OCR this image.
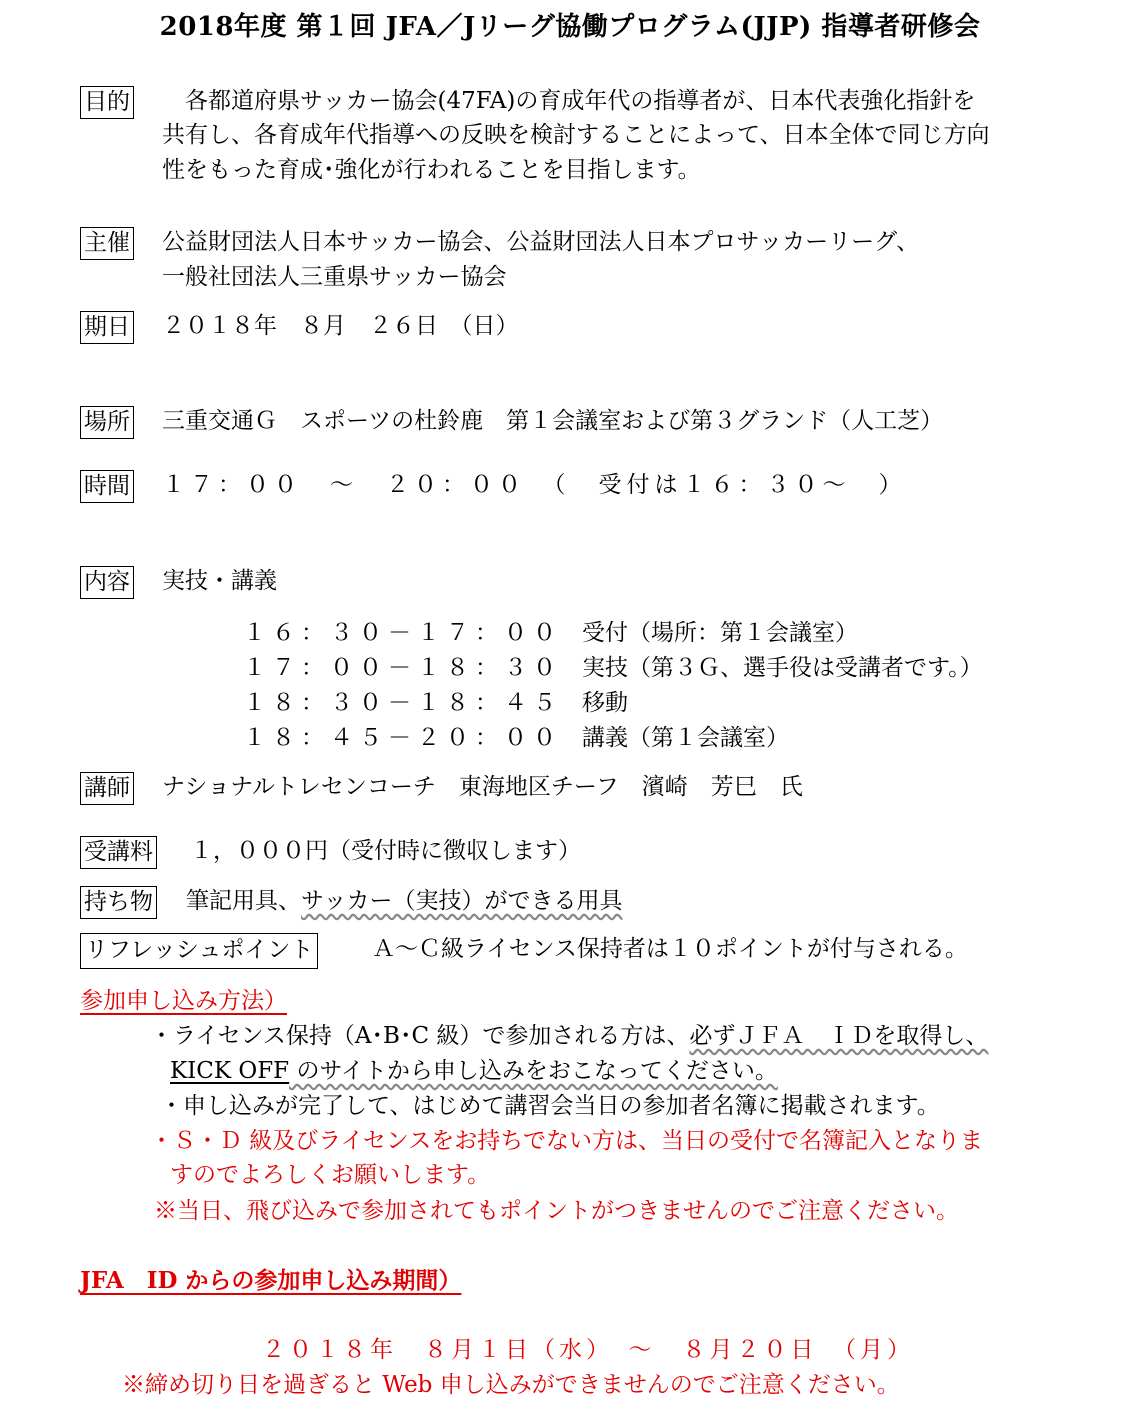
2018年度 第１回 JFA／Jリーグ協働プログラム(JJP) 指導者研修会
目的 　各都道府県サッカー協会(47FA)の育成年代の指導者が、日本代表強化指針を
共有し、各育成年代指導への反映を検討することによって、日本全体で同じ方向
性をもった育成･強化が行われることを目指します。
主催 公益財団法人日本サッカー協会、公益財団法人日本プロサッカーリーグ、
一般社団法人三重県サッカー協会
期日 ２０１８年　８月　２６日　（日）
場所 三重交通Ｇ　スポーツの杜鈴鹿　第１会議室および第３グランド（人工芝）
時間 １７：００　～　２０：００　（　受付は１６：３０～　）
内容 実技・講義
１６：３０－１７：００ 受付（場所：第１会議室）
１７：００－１８：３０ 実技（第３Ｇ、選手役は受講者です。）
１８：３０－１８：４５ 移動
１８：４５－２０：００ 講義（第１会議室）
講師 ナショナルトレセンコーチ　東海地区チーフ　濱崎　芳巳　氏
受講料 １，０００円（受付時に徴収します）
持ち物 筆記用具、サッカー（実技）ができる用具
リフレッシュポイント	Ａ～Ｃ級ライセンス保持者は１０ポイントが付与される。
参加申し込み方法）
・ライセンス保持（A･B･C 級）で参加される方は、必ずＪＦＡ　ＩＤを取得し、
KICK OFF のサイトから申し込みをおこなってください。
・申し込みが完了して、はじめて講習会当日の参加者名簿に掲載されます。
・Ｓ・Ｄ 級及びライセンスをお持ちでない方は、当日の受付で名簿記入となりま
すのでよろしくお願いします。
※当日、飛び込みで参加されてもポイントがつきませんのでご注意ください。
JFA　ID からの参加申し込み期間）
２０１８年　８月１日（水）　～　８月２０日　（月）
※締め切り日を過ぎると Web 申し込みができませんのでご注意ください。
